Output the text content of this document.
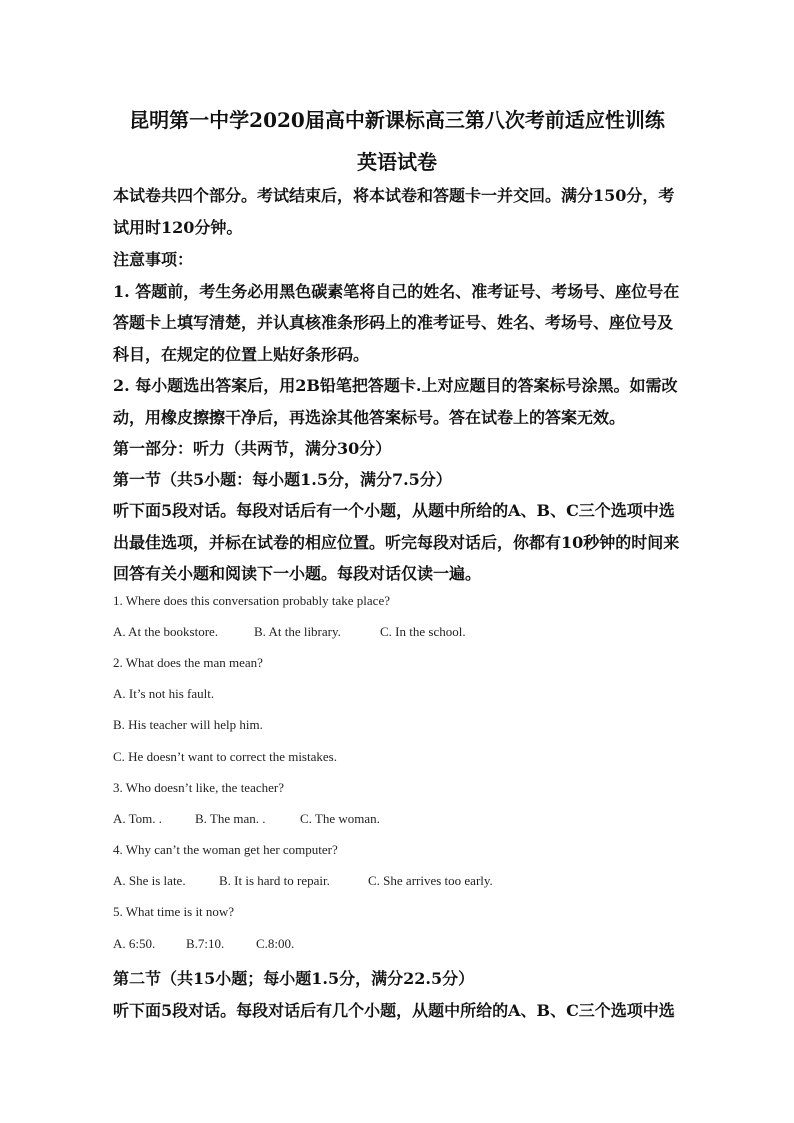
昆明第一中学2020届高中新课标高三第八次考前适应性训练
英语试卷
本试卷共四个部分。考试结束后，将本试卷和答题卡一并交回。满分150分，考
试用时120分钟。
注意事项：
1. 答题前，考生务必用黑色碳素笔将自己的姓名、准考证号、考场号、座位号在
答题卡上填写清楚，并认真核准条形码上的准考证号、姓名、考场号、座位号及
科目，在规定的位置上贴好条形码。
2. 每小题选出答案后，用2B铅笔把答题卡.上对应题目的答案标号涂黑。如需改
动，用橡皮擦擦干净后，再选涂其他答案标号。答在试卷上的答案无效。
第一部分：听力（共两节，满分30分）
第一节（共5小题：每小题1.5分，满分7.5分）
听下面5段对话。每段对话后有一个小题，从题中所给的A、B、C三个选项中选
出最佳选项，并标在试卷的相应位置。听完每段对话后，你都有10秒钟的时间来
回答有关小题和阅读下一小题。每段对话仅读一遍。
1. Where does this conversation probably take place?
A. At the bookstore.	B. At the library.	C. In the school.
2. What does the man mean?
A. It’s not his fault.
B. His teacher will help him.
C. He doesn’t want to correct the mistakes.
3. Who doesn’t like, the teacher?
A. Tom. .	B. The man. .	C. The woman.
4. Why can’t the woman get her computer?
A. She is late.	B. It is hard to repair.	C. She arrives too early.
5. What time is it now?
A. 6:50. B.7:10. C.8:00.
第二节（共15小题；每小题1.5分，满分22.5分）
听下面5段对话。每段对话后有几个小题，从题中所给的A、B、C三个选项中选
